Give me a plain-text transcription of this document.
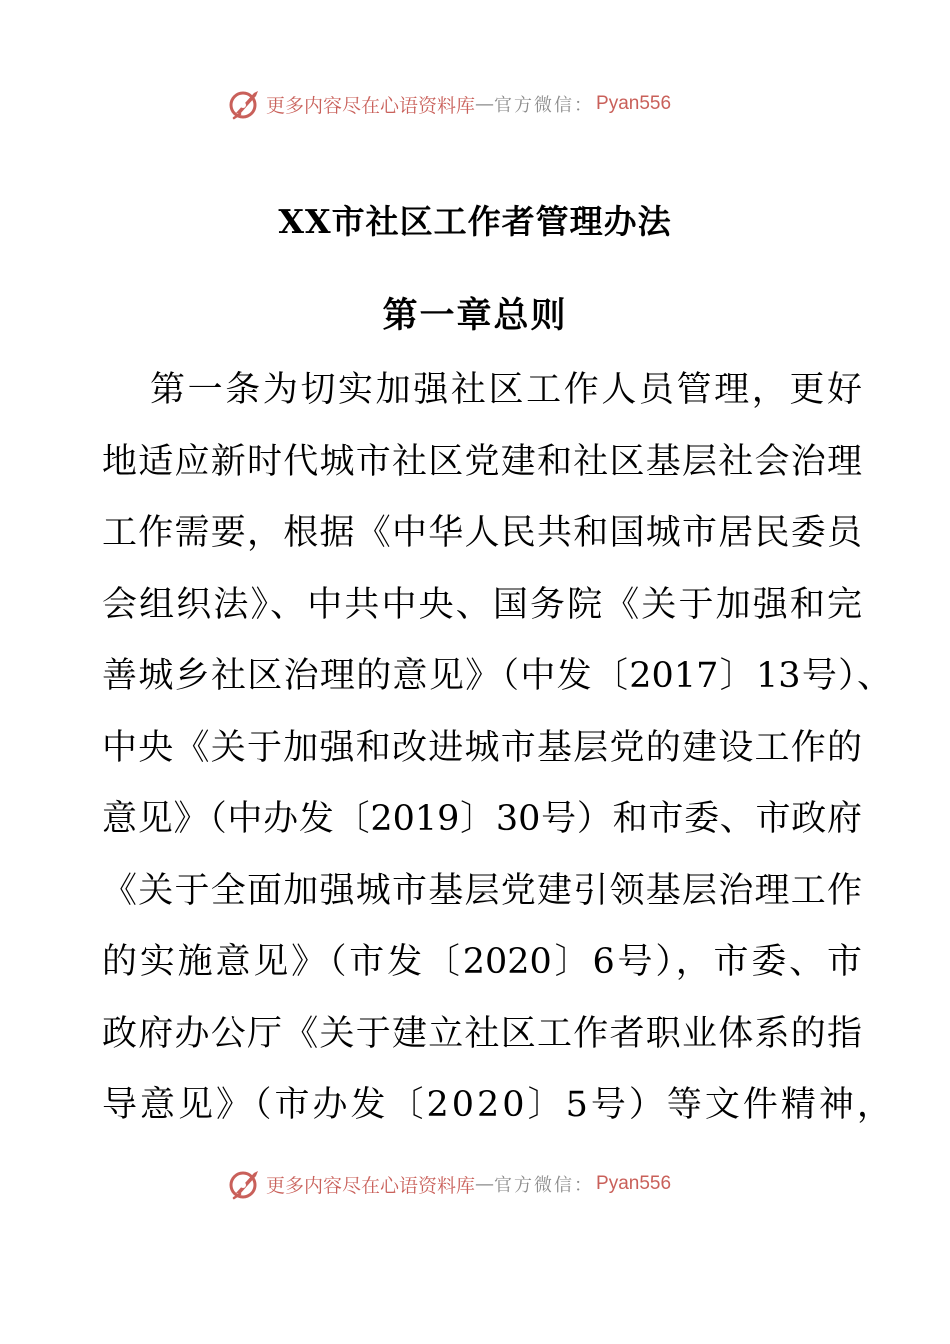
更多内容尽在心语资料库 — 官方微信： Pyan556
XX市社区工作者管理办法
第一章总则

第一条为切实加强社区工作人员管理，更好

地适应新时代城市社区党建和社区基层社会治理

工作需要，根据《中华人民共和国城市居民委员

会组织法》、中共中央、国务院《关于加强和完

善城乡社区治理的意见》（中发〔2017〕13号）、

中央《关于加强和改进城市基层党的建设工作的

意见》（中办发〔2019〕30号）和市委、市政府

《关于全面加强城市基层党建引领基层治理工作

的实施意见》（市发〔2020〕6号），市委、市

政府办公厅《关于建立社区工作者职业体系的指

导意见》（市办发〔2020〕5号）等文件精神，

更多内容尽在心语资料库 — 官方微信： Pyan556
